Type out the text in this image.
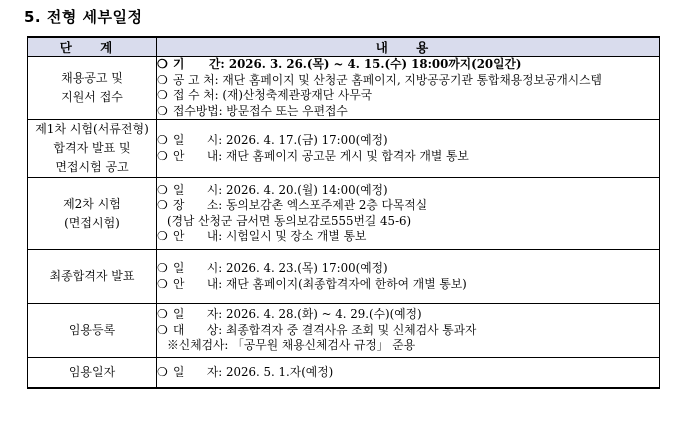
5. 전형 세부일정
단 계	내 용

채용공고 및
지원서 접수	❍ 기      간: 2026. 3. 26.(목) ~ 4. 15.(수) 18:00까지(20일간)
❍ 공 고 처: 재단 홈페이지 및 산청군 홈페이지, 지방공공기관 통합채용정보공개시스템
❍ 접 수 처: (재)산청축제관광재단 사무국
❍ 접수방법: 방문접수 또는 우편접수

제1차 시험(서류전형)
합격자 발표 및
면접시험 공고	❍ 일      시: 2026. 4. 17.(금) 17:00(예정)
❍ 안      내: 재단 홈페이지 공고문 게시 및 합격자 개별 통보

제2차 시험
(면접시험)	❍ 일      시: 2026. 4. 20.(월) 14:00(예정)
❍ 장      소: 동의보감촌 엑스포주제관 2층 다목적실
(경남 산청군 금서면 동의보감로555번길 45-6)
❍ 안      내: 시험일시 및 장소 개별 통보

최종합격자 발표	❍ 일      시: 2026. 4. 23.(목) 17:00(예정)
❍ 안      내: 재단 홈페이지(최종합격자에 한하여 개별 통보)

임용등록	❍ 일      자: 2026. 4. 28.(화) ~ 4. 29.(수)(예정)
❍ 대      상: 최종합격자 중 결격사유 조회 및 신체검사 통과자
※신체검사: 「공무원 채용신체검사 규정」 준용

임용일자	❍ 일      자: 2026. 5. 1.자(예정)
